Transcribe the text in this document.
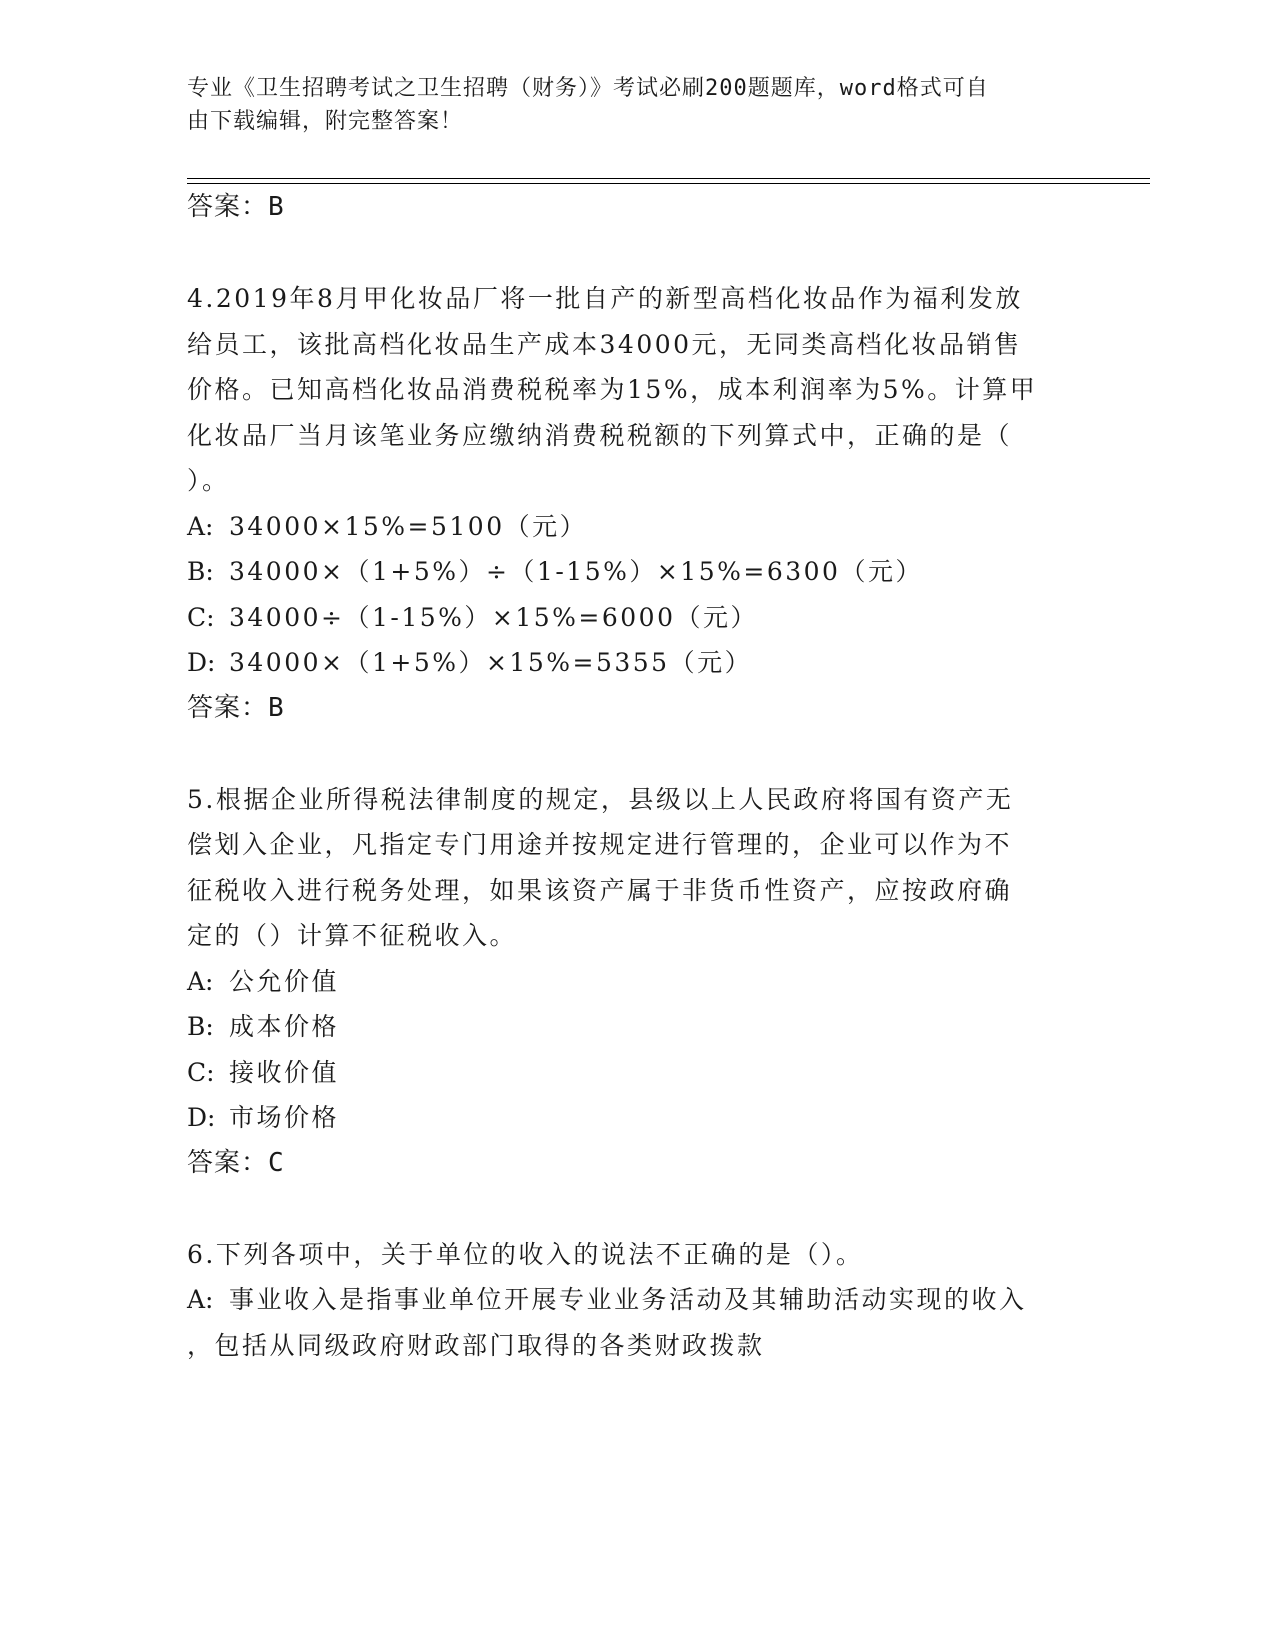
专业《卫生招聘考试之卫生招聘（财务）》考试必刷200题题库，word格式可自
由下载编辑，附完整答案！
答案：B
4.2019年8月甲化妆品厂将一批自产的新型高档化妆品作为福利发放
给员工，该批高档化妆品生产成本34000元，无同类高档化妆品销售
价格。已知高档化妆品消费税税率为15%，成本利润率为5%。计算甲
化妆品厂当月该笔业务应缴纳消费税税额的下列算式中，正确的是（
）。
A: 34000×15%=5100（元）
B: 34000×（1+5%）÷（1-15%）×15%=6300（元）
C: 34000÷（1-15%）×15%=6000（元）
D: 34000×（1+5%）×15%=5355（元）
答案：B
5.根据企业所得税法律制度的规定，县级以上人民政府将国有资产无
偿划入企业，凡指定专门用途并按规定进行管理的，企业可以作为不
征税收入进行税务处理，如果该资产属于非货币性资产，应按政府确
定的（）计算不征税收入。
A: 公允价值
B: 成本价格
C: 接收价值
D: 市场价格
答案：C
6.下列各项中，关于单位的收入的说法不正确的是（）。
A: 事业收入是指事业单位开展专业业务活动及其辅助活动实现的收入
，包括从同级政府财政部门取得的各类财政拨款
